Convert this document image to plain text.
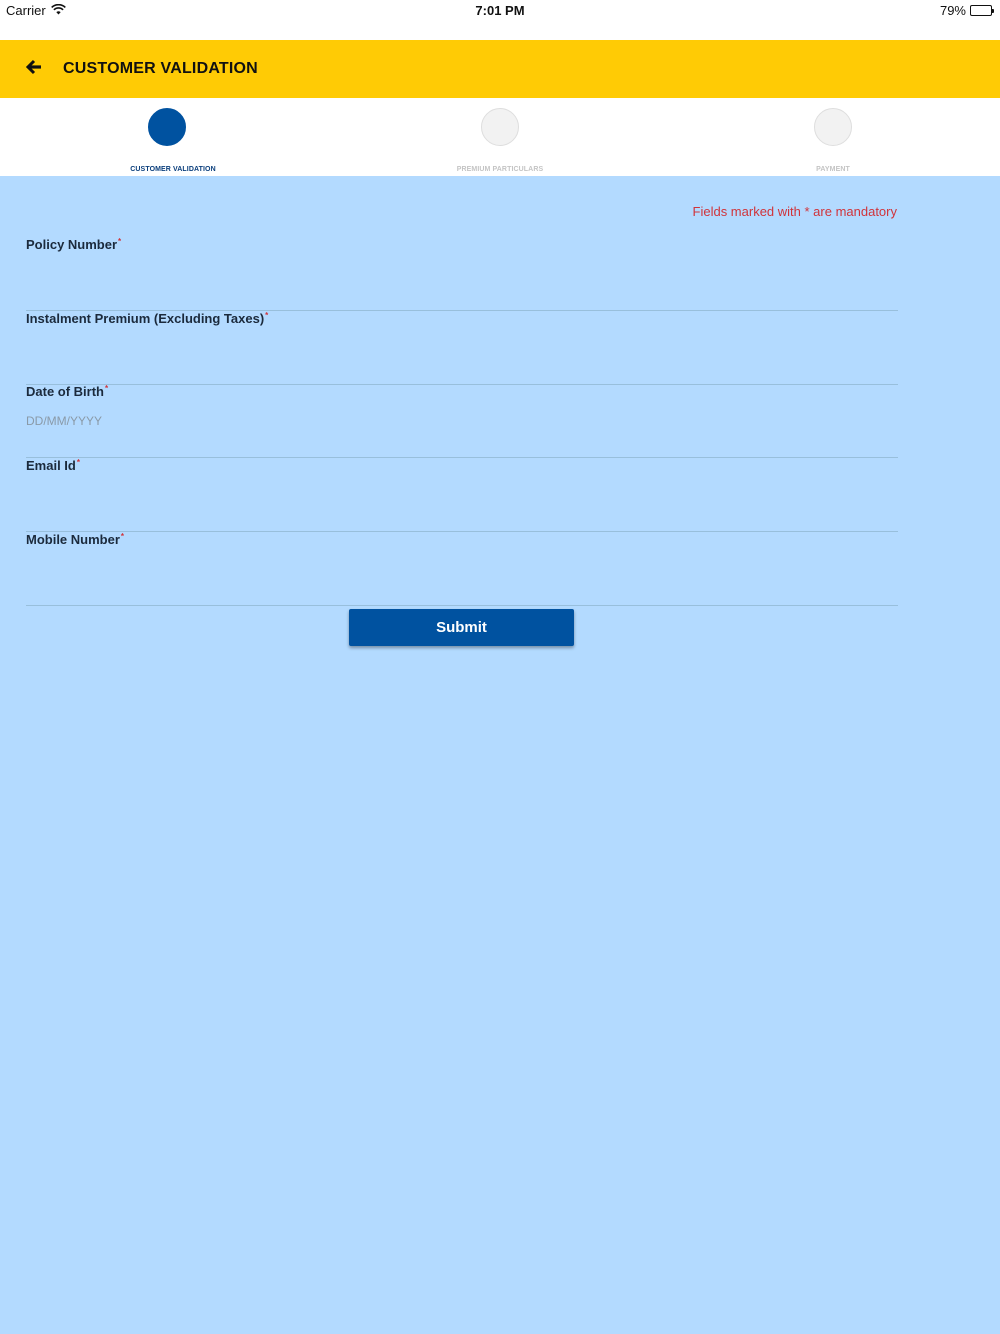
Carrier	7:01 PM	79%
CUSTOMER VALIDATION
CUSTOMER VALIDATION	PREMIUM PARTICULARS	PAYMENT
Fields marked with * are mandatory
Policy Number*
Instalment Premium (Excluding Taxes)*
Date of Birth*
DD/MM/YYYY
Email Id*
Mobile Number*
Submit
